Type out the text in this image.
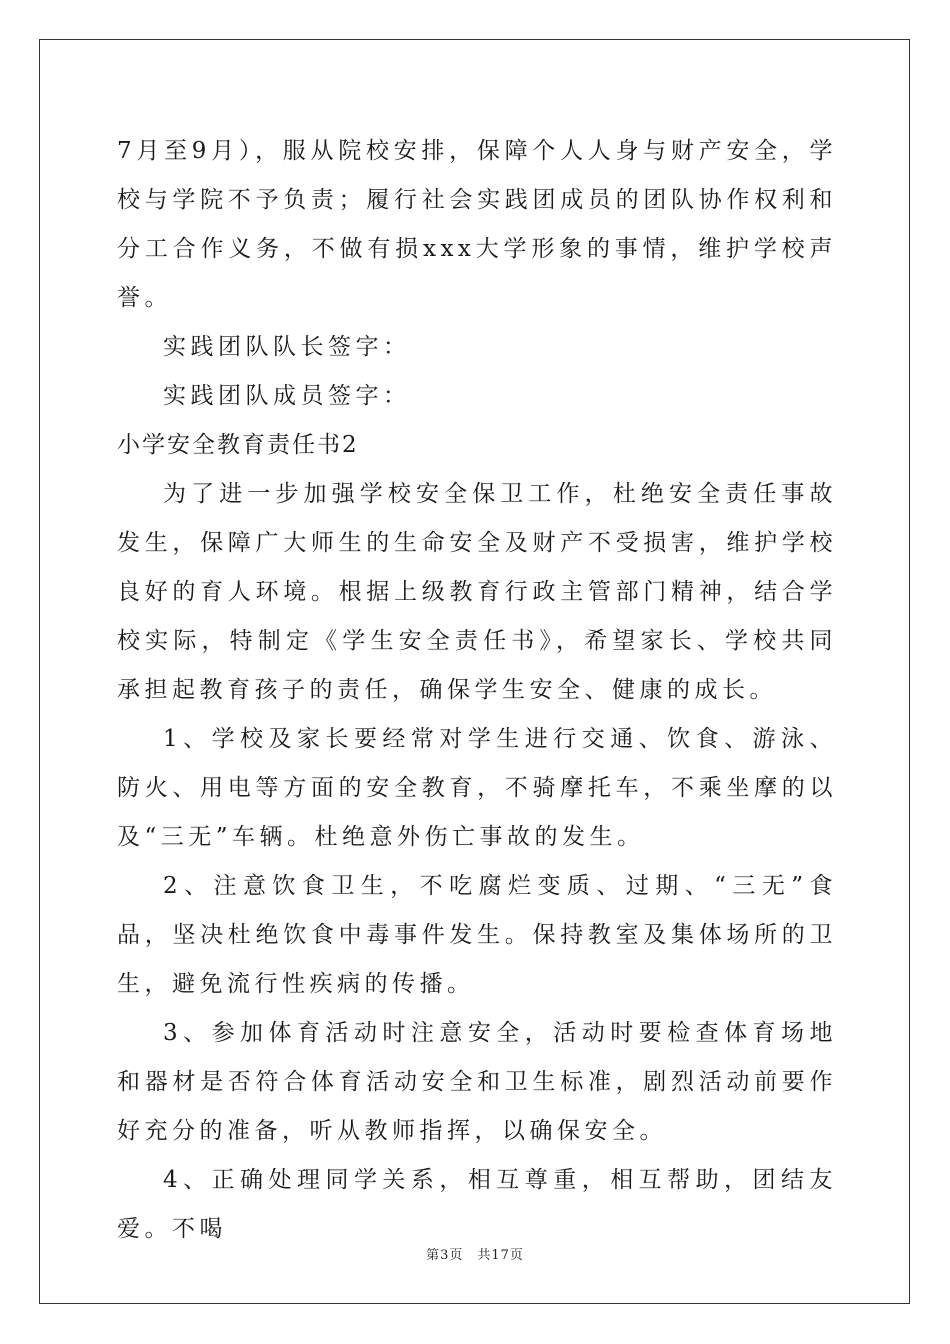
7月至9月），服从院校安排，保障个人人身与财产安全，学校与学院不予负责；履行社会实践团成员的团队协作权利和分工合作义务，不做有损xxx大学形象的事情，维护学校声誉。

实践团队队长签字：

实践团队成员签字：

小学安全教育责任书2

为了进一步加强学校安全保卫工作，杜绝安全责任事故发生，保障广大师生的生命安全及财产不受损害，维护学校良好的育人环境。根据上级教育行政主管部门精神，结合学校实际，特制定《学生安全责任书》，希望家长、学校共同承担起教育孩子的责任，确保学生安全、健康的成长。

1、学校及家长要经常对学生进行交通、饮食、游泳、防火、用电等方面的安全教育，不骑摩托车，不乘坐摩的以及“三无”车辆。杜绝意外伤亡事故的发生。

2、注意饮食卫生，不吃腐烂变质、过期、“三无”食品，坚决杜绝饮食中毒事件发生。保持教室及集体场所的卫生，避免流行性疾病的传播。

3、参加体育活动时注意安全，活动时要检查体育场地和器材是否符合体育活动安全和卫生标准，剧烈活动前要作好充分的准备，听从教师指挥，以确保安全。

4、正确处理同学关系，相互尊重，相互帮助，团结友爱。不喝

第3页 共17页
